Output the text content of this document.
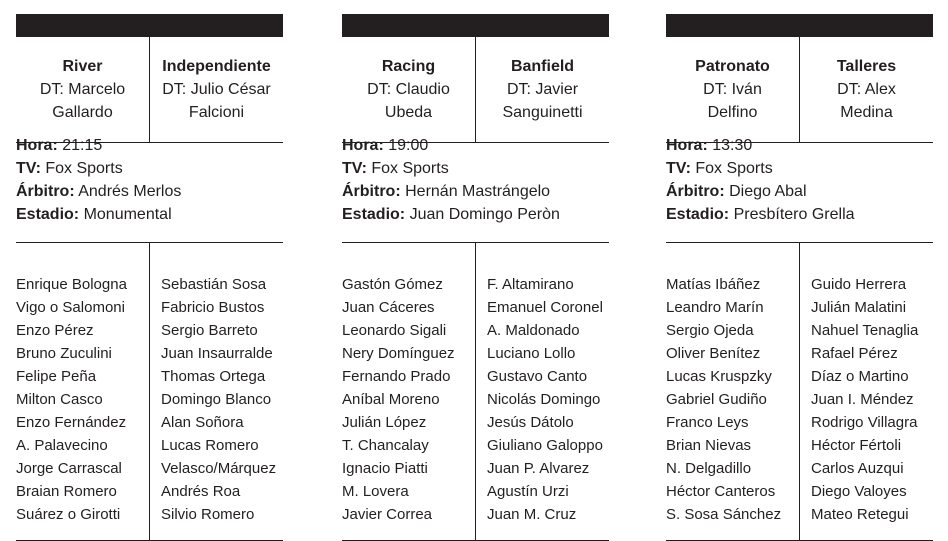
River
DT: Marcelo Gallardo
Independiente
DT: Julio César Falcioni
Hora: 21:15
TV: Fox Sports
Árbitro: Andrés Merlos
Estadio: Monumental
Enrique Bologna
Vigo o Salomoni
Enzo Pérez
Bruno Zuculini
Felipe Peña
Milton Casco
Enzo Fernández
A. Palavecino
Jorge Carrascal
Braian Romero
Suárez o Girotti
Sebastián Sosa
Fabricio Bustos
Sergio Barreto
Juan Insaurralde
Thomas Ortega
Domingo Blanco
Alan Soñora
Lucas Romero
Velasco/Márquez
Andrés Roa
Silvio Romero
Racing
DT: Claudio Ubeda
Banfield
DT: Javier Sanguinetti
Hora: 19:00
TV: Fox Sports
Árbitro: Hernán Mastrángelo
Estadio: Juan Domingo Peròn
Gastón Gómez
Juan Cáceres
Leonardo Sigali
Nery Domínguez
Fernando Prado
Aníbal Moreno
Julián López
T. Chancalay
Ignacio Piatti
M. Lovera
Javier Correa
F. Altamirano
Emanuel Coronel
A. Maldonado
Luciano Lollo
Gustavo Canto
Nicolás Domingo
Jesús Dátolo
Giuliano Galoppo
Juan P. Alvarez
Agustín Urzi
Juan M. Cruz
Patronato
DT: Iván Delfino
Talleres
DT: Alex Medina
Hora: 13:30
TV: Fox Sports
Árbitro: Diego Abal
Estadio: Presbítero Grella
Matías Ibáñez
Leandro Marín
Sergio Ojeda
Oliver Benítez
Lucas Kruspzky
Gabriel Gudiño
Franco Leys
Brian Nievas
N. Delgadillo
Héctor Canteros
S. Sosa Sánchez
Guido Herrera
Julián Malatini
Nahuel Tenaglia
Rafael Pérez
Díaz o Martino
Juan I. Méndez
Rodrigo Villagra
Héctor Fértoli
Carlos Auzqui
Diego Valoyes
Mateo Retegui
